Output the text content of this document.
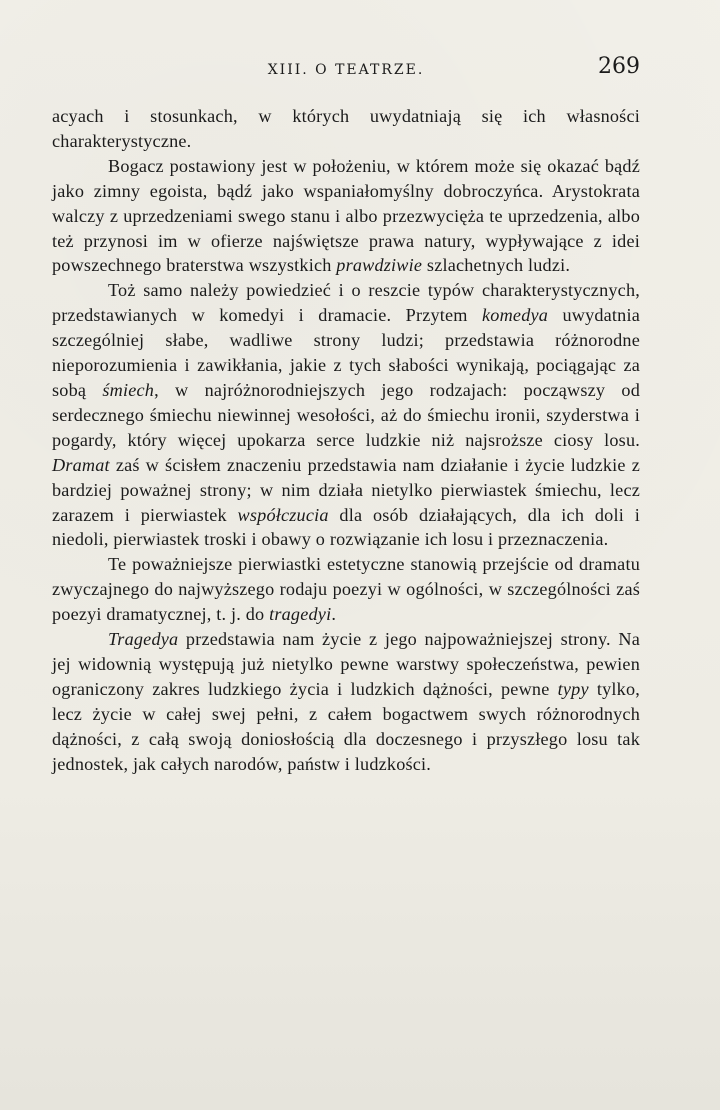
XIII. O TEATRZE.	269

acyach i stosunkach, w których uwydatniają się ich własności charakterystyczne.

Bogacz postawiony jest w położeniu, w którem może się okazać bądź jako zimny egoista, bądź jako wspaniałomyślny dobroczyńca. Arystokrata walczy z uprzedzeniami swego stanu i albo przezwycięża te uprzedzenia, albo też przynosi im w ofierze najświętsze prawa natury, wypływające z idei powszechnego braterstwa wszystkich prawdziwie szlachetnych ludzi.

Toż samo należy powiedzieć i o reszcie typów charakterystycznych, przedstawianych w komedyi i dramacie. Przytem komedya uwydatnia szczególniej słabe, wadliwe strony ludzi; przedstawia różnorodne nieporozumienia i zawikłania, jakie z tych słabości wynikają, pociągając za sobą śmiech, w najróżnorodniejszych jego rodzajach: począwszy od serdecznego śmiechu niewinnej wesołości, aż do śmiechu ironii, szyderstwa i pogardy, który więcej upokarza serce ludzkie niż najsroższe ciosy losu. Dramat zaś w ścisłem znaczeniu przedstawia nam działanie i życie ludzkie z bardziej poważnej strony; w nim działa nietylko pierwiastek śmiechu, lecz zarazem i pierwiastek współczucia dla osób działających, dla ich doli i niedoli, pierwiastek troski i obawy o rozwiązanie ich losu i przeznaczenia.

Te poważniejsze pierwiastki estetyczne stanowią przejście od dramatu zwyczajnego do najwyższego rodaju poezyi w ogólności, w szczególności zaś poezyi dramatycznej, t. j. do tragedyi.

Tragedya przedstawia nam życie z jego najpoważniejszej strony. Na jej widownią występują już nietylko pewne warstwy społeczeństwa, pewien ograniczony zakres ludzkiego życia i ludzkich dążności, pewne typy tylko, lecz życie w całej swej pełni, z całem bogactwem swych różnorodnych dążności, z całą swoją doniosłością dla doczesnego i przyszłego losu tak jednostek, jak całych narodów, państw i ludzkości.
